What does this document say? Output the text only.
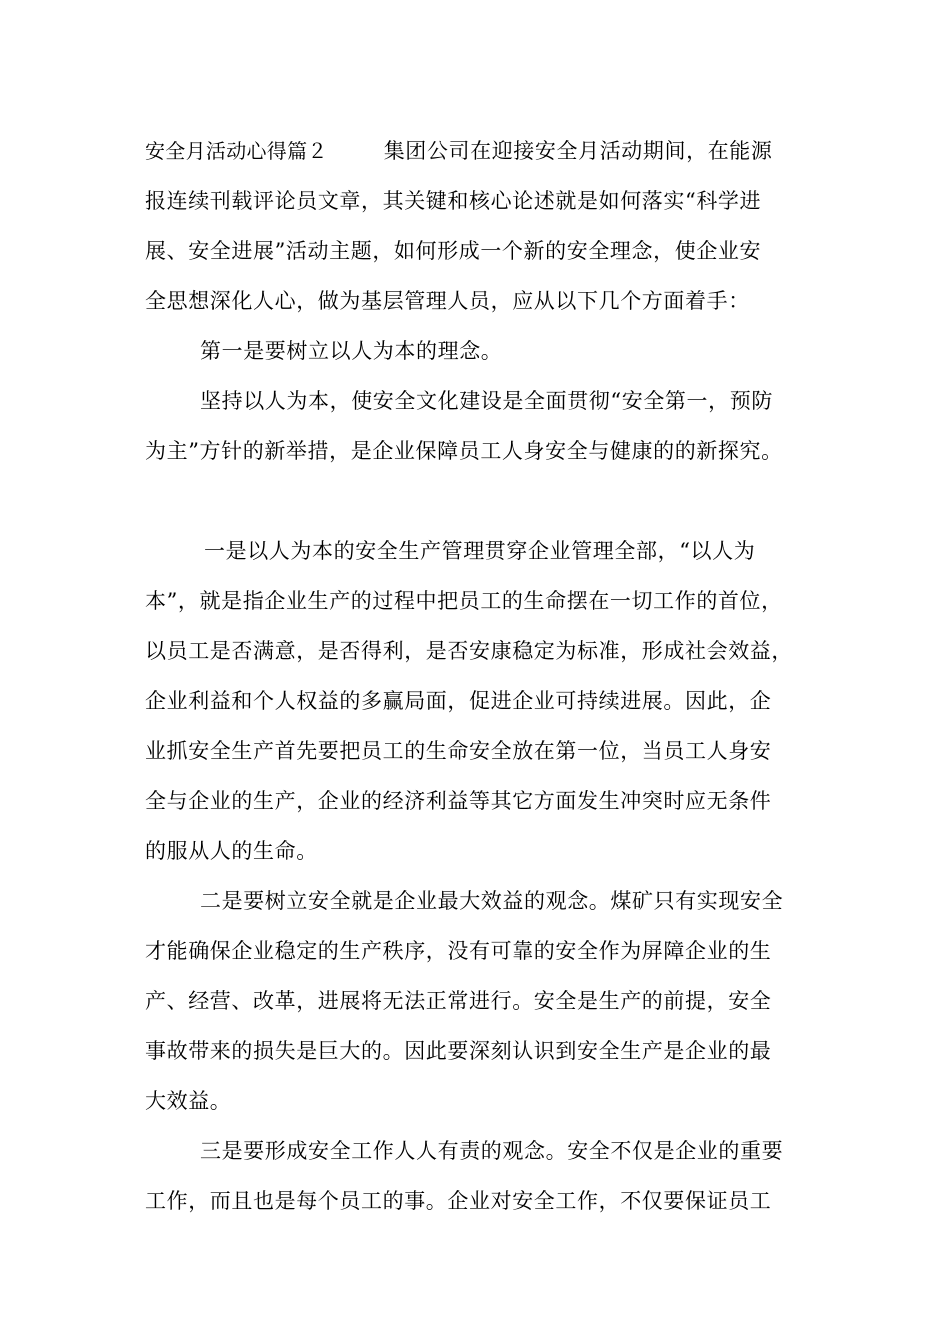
安全月活动心得篇２	集团公司在迎接安全月活动期间，在能源
报连续刊载评论员文章，其关键和核心论述就是如何落实“科学进
展、安全进展”活动主题，如何形成一个新的安全理念，使企业安
全思想深化人心，做为基层管理人员，应从以下几个方面着手：
第一是要树立以人为本的理念。
坚持以人为本，使安全文化建设是全面贯彻“安全第一，预防
为主”方针的新举措，是企业保障员工人身安全与健康的的新探究。
一是以人为本的安全生产管理贯穿企业管理全部，“以人为
本”，就是指企业生产的过程中把员工的生命摆在一切工作的首位，
以员工是否满意，是否得利，是否安康稳定为标准，形成社会效益，
企业利益和个人权益的多赢局面，促进企业可持续进展。因此，企
业抓安全生产首先要把员工的生命安全放在第一位，当员工人身安
全与企业的生产，企业的经济利益等其它方面发生冲突时应无条件
的服从人的生命。
二是要树立安全就是企业最大效益的观念。煤矿只有实现安全
才能确保企业稳定的生产秩序，没有可靠的安全作为屏障企业的生
产、经营、改革，进展将无法正常进行。安全是生产的前提，安全
事故带来的损失是巨大的。因此要深刻认识到安全生产是企业的最
大效益。
三是要形成安全工作人人有责的观念。安全不仅是企业的重要
工作，而且也是每个员工的事。企业对安全工作，不仅要保证员工
